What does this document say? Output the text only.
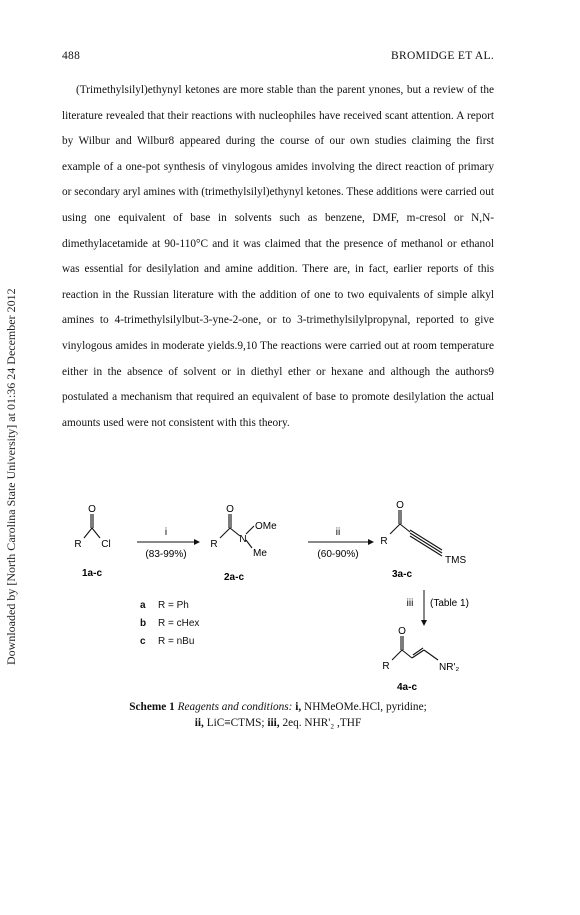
488	BROMIDGE ET AL.
Downloaded by [North Carolina State University] at 01:36 24 December 2012

(Trimethylsilyl)ethynyl ketones are more stable than the parent ynones, but a review of the literature revealed that their reactions with nucleophiles have received scant attention. A report by Wilbur and Wilbur8 appeared during the course of our own studies claiming the first example of a one-pot synthesis of vinylogous amides involving the direct reaction of primary or secondary aryl amines with (trimethylsilyl)ethynyl ketones. These additions were carried out using one equivalent of base in solvents such as benzene, DMF, m-cresol or N,N-dimethylacetamide at 90-110°C and it was claimed that the presence of methanol or ethanol was essential for desilylation and amine addition. There are, in fact, earlier reports of this reaction in the Russian literature with the addition of one to two equivalents of simple alkyl amines to 4-trimethylsilylbut-3-yne-2-one, or to 3-trimethylsilylpropynal, reported to give vinylogous amides in moderate yields.9,10 The reactions were carried out at room temperature either in the absence of solvent or in diethyl ether or hexane and although the authors9 postulated a mechanism that required an equivalent of base to promote desilylation the actual amounts used were not consistent with this theory.

O
R Cl
1a-c
i
(83-99%)
O
R N
OMe
Me
2a-c
ii
(60-90%)
O
R
TMS
3a-c
iii (Table 1)
O
R	NR'₂
4a-c
a R = Ph
b R = cHex
c R = nBu
Scheme 1 Reagents and conditions: i, NHMeOMe.HCl, pyridine;
ii, LiC≡CTMS; iii, 2eq. NHR'₂ ,THF
